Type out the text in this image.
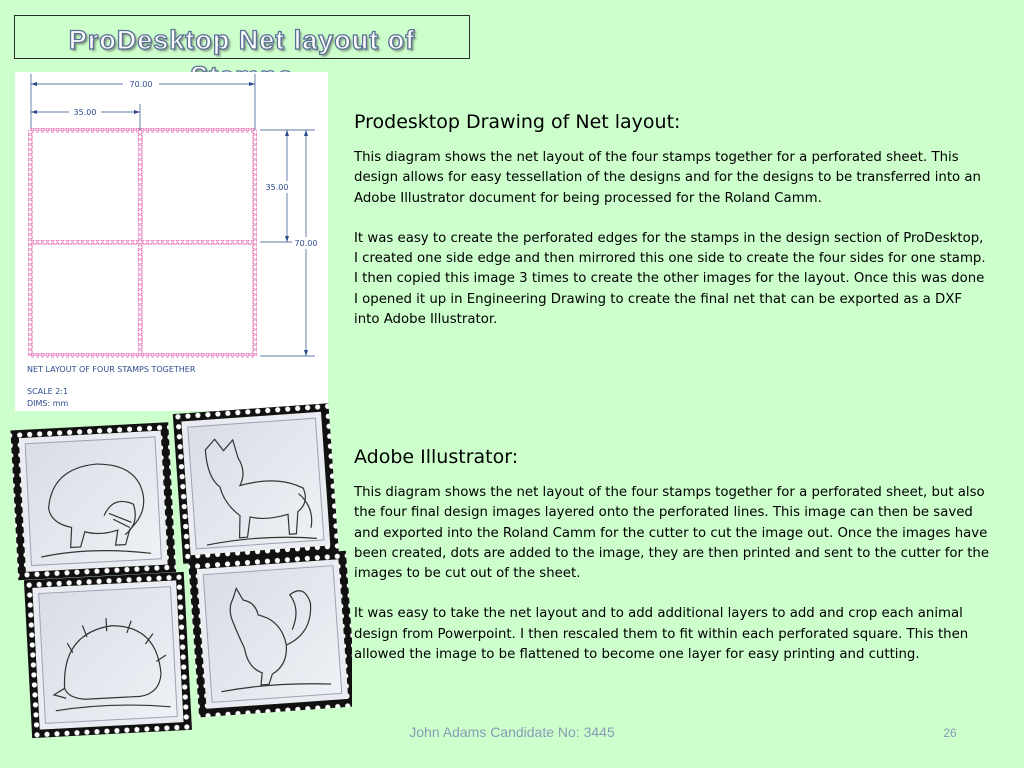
ProDesktop Net layout of
70.00
35.00
35.00
70.00
NET LAYOUT OF FOUR STAMPS TOGETHER
SCALE 2:1
DIMS: mm
Prodesktop Drawing of Net layout:

This diagram shows the net layout of the four stamps together for a perforated sheet. This design allows for easy tessellation of the designs and for the designs to be transferred into an Adobe Illustrator document for being processed for the Roland Camm.

It was easy to create the perforated edges for the stamps in the design section of ProDesktop, I created one side edge and then mirrored this one side to create the four sides for one stamp. I then copied this image 3 times to create the other images for the layout. Once this was done I opened it up in Engineering Drawing to create the final net that can be exported as a DXF into Adobe Illustrator.

Adobe Illustrator:

This diagram shows the net layout of the four stamps together for a perforated sheet, but also the four final design images layered onto the perforated lines. This image can then be saved and exported into the Roland Camm for the cutter to cut the image out. Once the images have been created, dots are added to the image, they are then printed and sent to the cutter for the images to be cut out of the sheet.

It was easy to take the net layout and to add additional layers to add and crop each animal design from Powerpoint. I then rescaled them to fit within each perforated square. This then allowed the image to be flattened to become one layer for easy printing and cutting.

John Adams Candidate No: 3445	26
